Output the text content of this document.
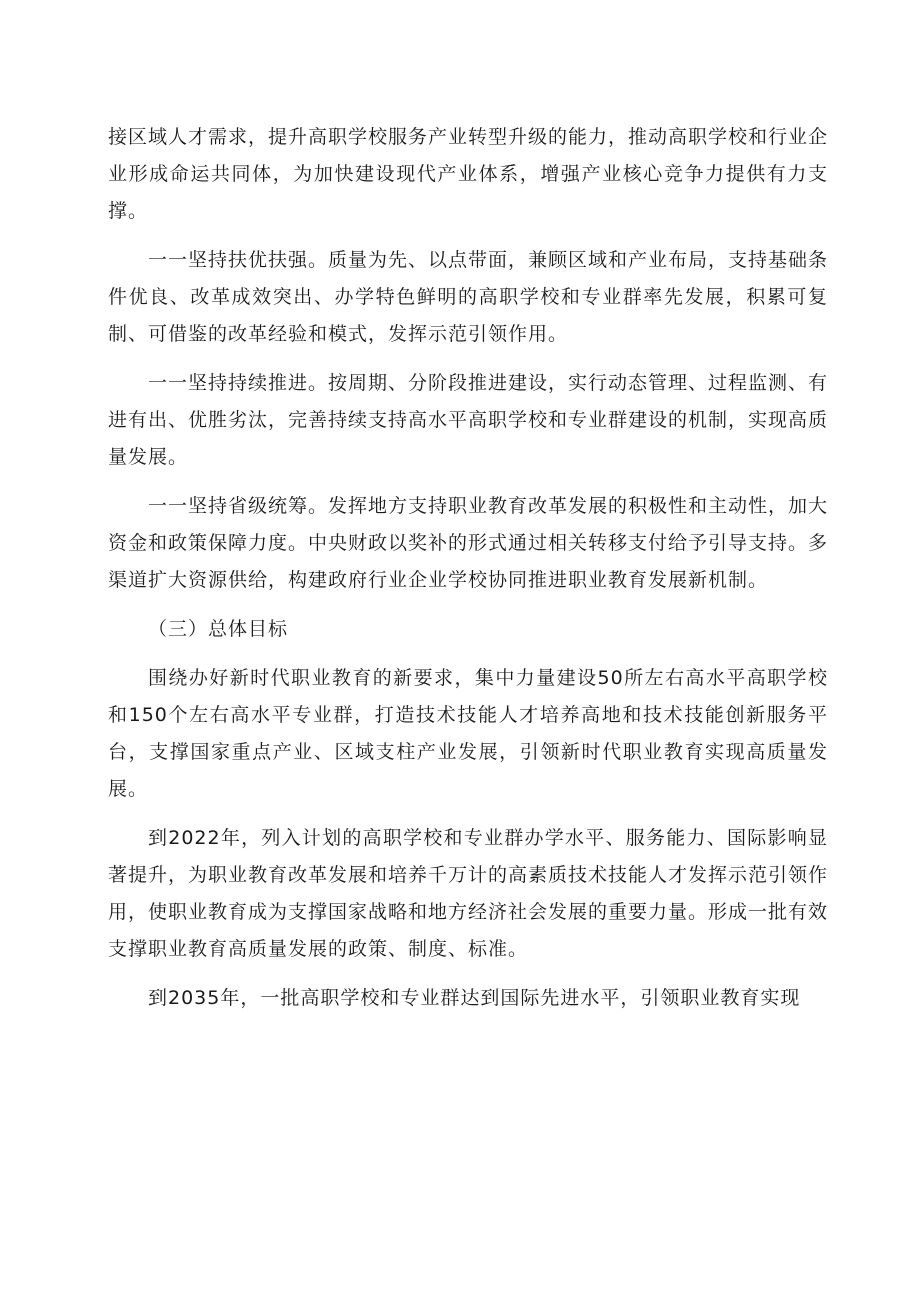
接区域人才需求，提升高职学校服务产业转型升级的能力，推动高职学校和行业企业形成命运共同体，为加快建设现代产业体系，增强产业核心竞争力提供有力支撑。

一一坚持扶优扶强。质量为先、以点带面，兼顾区域和产业布局，支持基础条件优良、改革成效突出、办学特色鲜明的高职学校和专业群率先发展，积累可复制、可借鉴的改革经验和模式，发挥示范引领作用。

一一坚持持续推进。按周期、分阶段推进建设，实行动态管理、过程监测、有进有出、优胜劣汰，完善持续支持高水平高职学校和专业群建设的机制，实现高质量发展。

一一坚持省级统筹。发挥地方支持职业教育改革发展的积极性和主动性，加大资金和政策保障力度。中央财政以奖补的形式通过相关转移支付给予引导支持。多渠道扩大资源供给，构建政府行业企业学校协同推进职业教育发展新机制。

（三）总体目标

围绕办好新时代职业教育的新要求，集中力量建设50所左右高水平高职学校和150个左右高水平专业群，打造技术技能人才培养高地和技术技能创新服务平台，支撑国家重点产业、区域支柱产业发展，引领新时代职业教育实现高质量发展。

到2022年，列入计划的高职学校和专业群办学水平、服务能力、国际影响显著提升，为职业教育改革发展和培养千万计的高素质技术技能人才发挥示范引领作用，使职业教育成为支撑国家战略和地方经济社会发展的重要力量。形成一批有效支撑职业教育高质量发展的政策、制度、标准。

到2035年，一批高职学校和专业群达到国际先进水平，引领职业教育实现
